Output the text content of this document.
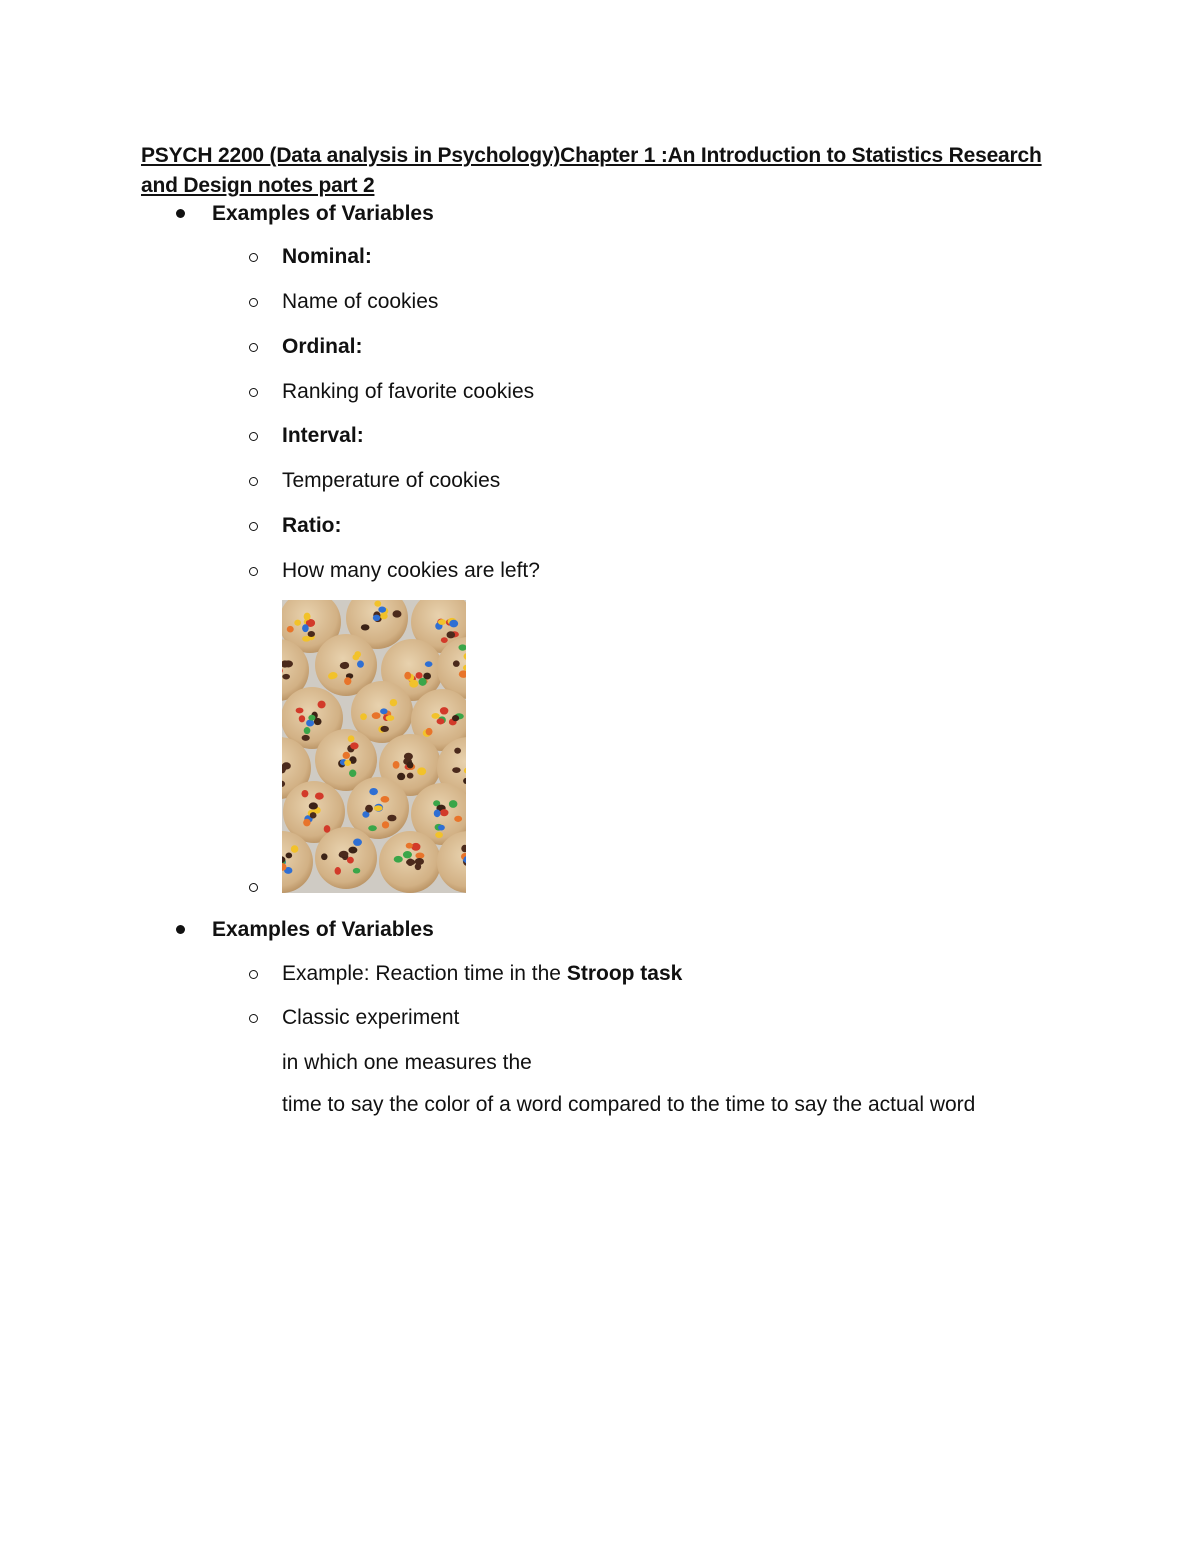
PSYCH 2200 (Data analysis in Psychology)Chapter 1 :An Introduction to Statistics Research and Design notes part 2
Examples of Variables
Nominal:
Name of cookies
Ordinal:
Ranking of favorite cookies
Interval:
Temperature of cookies
Ratio:
How many cookies are left?
Examples of Variables
Example: Reaction time in the Stroop task
Classic experiment
in which one measures the
time to say the color of a word compared to the time to say the actual word
